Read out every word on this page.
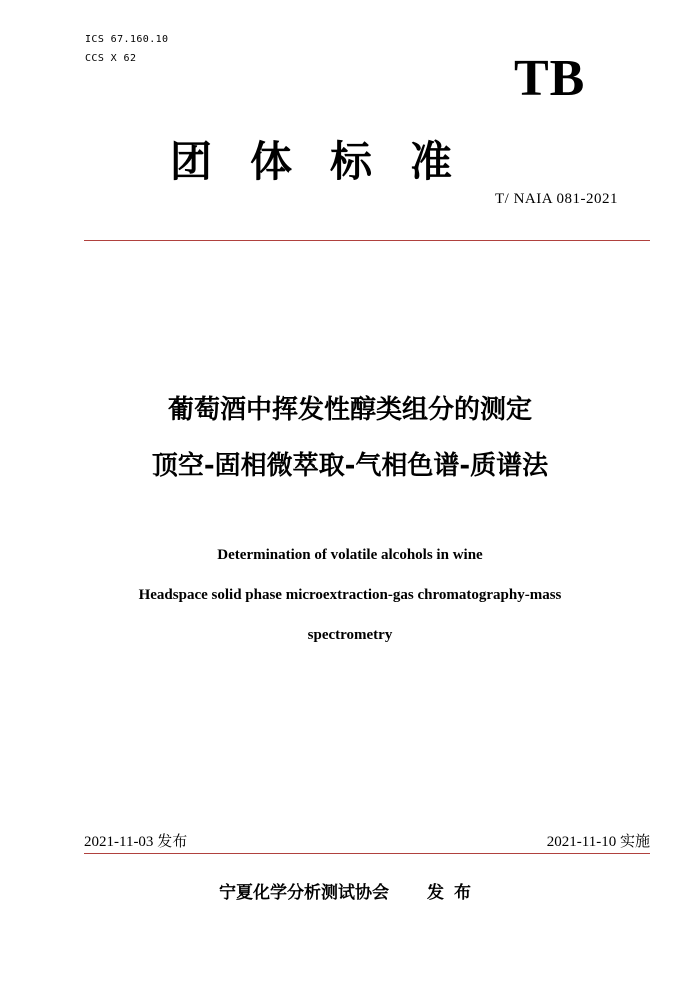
ICS 67.160.10
CCS X 62	TB
团体标准
T/ NAIA 081-2021
葡萄酒中挥发性醇类组分的测定
顶空-固相微萃取-气相色谱-质谱法
Determination of volatile alcohols in wine
Headspace solid phase microextraction-gas chromatography-mass
spectrometry
2021-11-03 发布	2021-11-10 实施
宁夏化学分析测试协会 发布
